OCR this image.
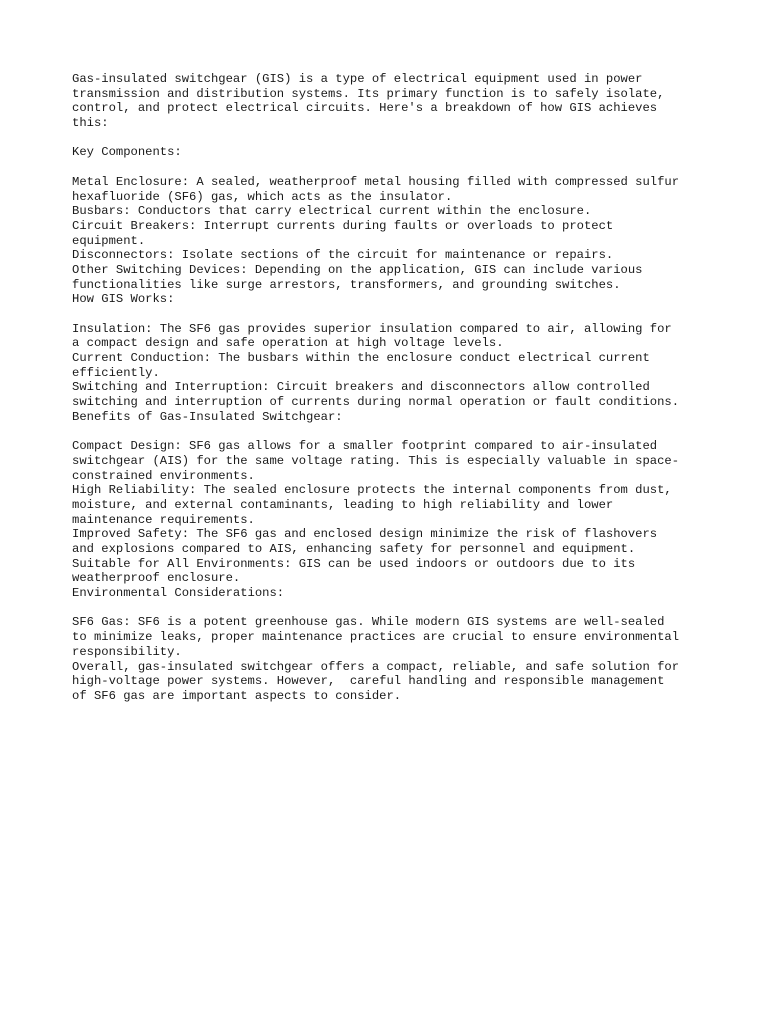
Gas-insulated switchgear (GIS) is a type of electrical equipment used in power
transmission and distribution systems. Its primary function is to safely isolate,
control, and protect electrical circuits. Here's a breakdown of how GIS achieves
this:
Key Components:
Metal Enclosure: A sealed, weatherproof metal housing filled with compressed sulfur
hexafluoride (SF6) gas, which acts as the insulator.
Busbars: Conductors that carry electrical current within the enclosure.
Circuit Breakers: Interrupt currents during faults or overloads to protect
equipment.
Disconnectors: Isolate sections of the circuit for maintenance or repairs.
Other Switching Devices: Depending on the application, GIS can include various
functionalities like surge arrestors, transformers, and grounding switches.
How GIS Works:
Insulation: The SF6 gas provides superior insulation compared to air, allowing for
a compact design and safe operation at high voltage levels.
Current Conduction: The busbars within the enclosure conduct electrical current
efficiently.
Switching and Interruption: Circuit breakers and disconnectors allow controlled
switching and interruption of currents during normal operation or fault conditions.
Benefits of Gas-Insulated Switchgear:
Compact Design: SF6 gas allows for a smaller footprint compared to air-insulated
switchgear (AIS) for the same voltage rating. This is especially valuable in space-
constrained environments.
High Reliability: The sealed enclosure protects the internal components from dust,
moisture, and external contaminants, leading to high reliability and lower
maintenance requirements.
Improved Safety: The SF6 gas and enclosed design minimize the risk of flashovers
and explosions compared to AIS, enhancing safety for personnel and equipment.
Suitable for All Environments: GIS can be used indoors or outdoors due to its
weatherproof enclosure.
Environmental Considerations:
SF6 Gas: SF6 is a potent greenhouse gas. While modern GIS systems are well-sealed
to minimize leaks, proper maintenance practices are crucial to ensure environmental
responsibility.
Overall, gas-insulated switchgear offers a compact, reliable, and safe solution for
high-voltage power systems. However,  careful handling and responsible management
of SF6 gas are important aspects to consider.
